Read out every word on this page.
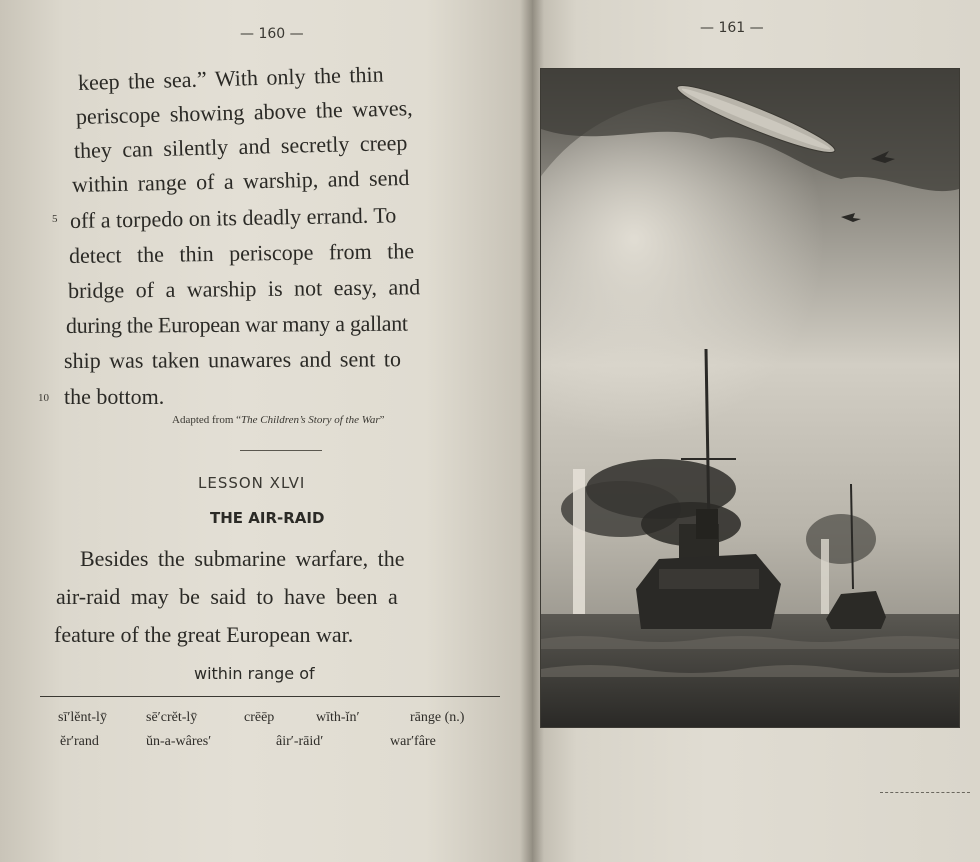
— 160 —
keep the sea.” With only the thin
periscope showing above the waves,
they can silently and secretly creep
within range of a warship, and send
5 off a torpedo on its deadly errand. To
detect the thin periscope from the
bridge of a warship is not easy, and
during the European war many a gallant
ship was taken unawares and sent to
10 the bottom.
Adapted from “The Children’s Story of the War”
LESSON XLVI
THE AIR-RAID
Besides the submarine warfare, the
air-raid may be said to have been a
feature of the great European war.
within range of
sī′lĕnt-lȳ	sē′crĕt-lȳ	crēēp	wīth-ĭn′	rānge (n.)
ĕr′rand	ŭn-a-wâres′	âir′-rāid′	war′fâre
— 161 —
